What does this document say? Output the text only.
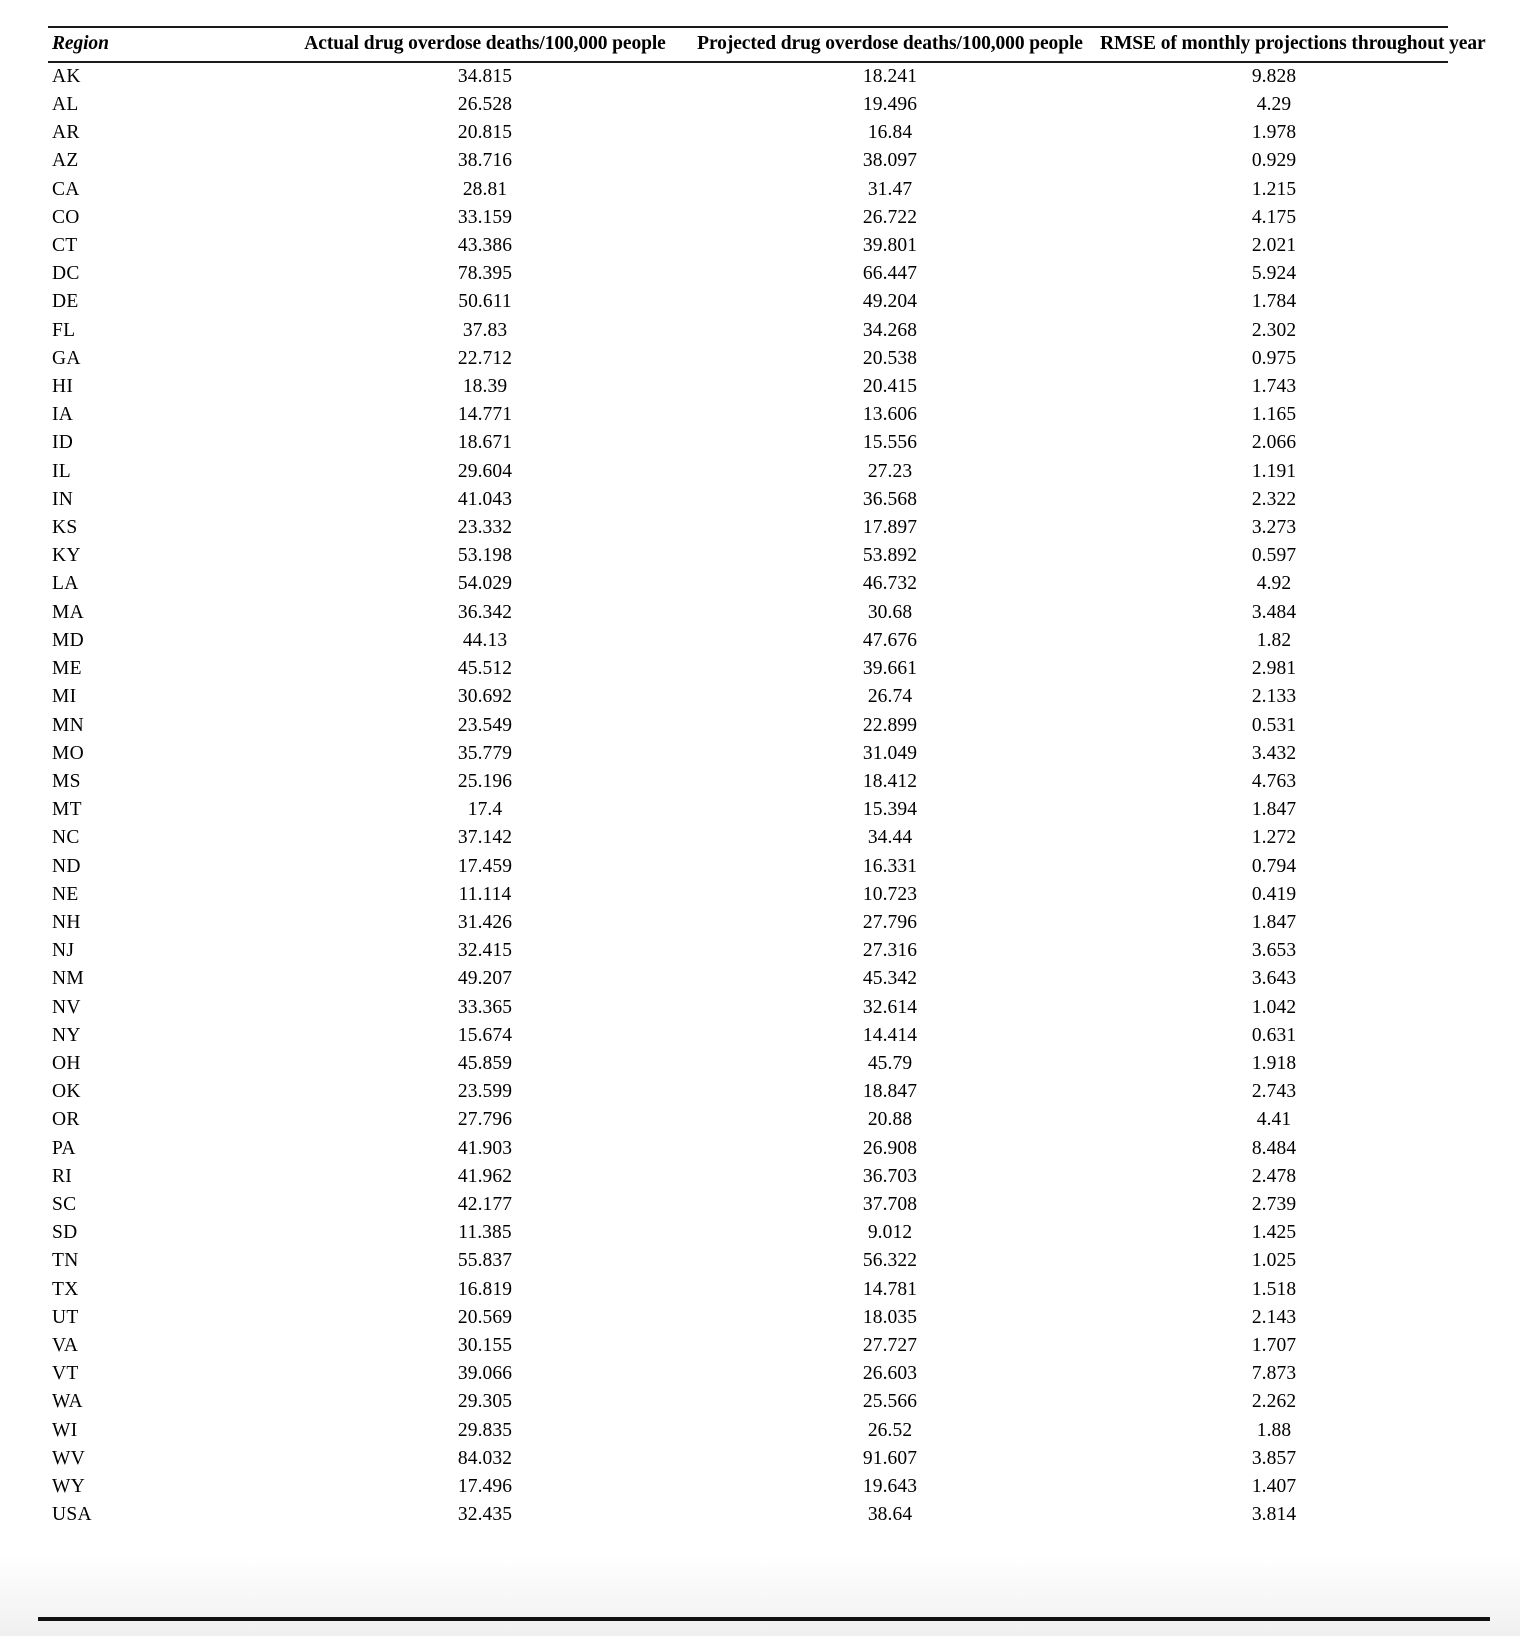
Region	Actual drug overdose deaths/100,000 people	Projected drug overdose deaths/100,000 people	RMSE of monthly projections throughout year
AK	34.815	18.241	9.828
AL	26.528	19.496	4.29
AR	20.815	16.84	1.978
AZ	38.716	38.097	0.929
CA	28.81	31.47	1.215
CO	33.159	26.722	4.175
CT	43.386	39.801	2.021
DC	78.395	66.447	5.924
DE	50.611	49.204	1.784
FL	37.83	34.268	2.302
GA	22.712	20.538	0.975
HI	18.39	20.415	1.743
IA	14.771	13.606	1.165
ID	18.671	15.556	2.066
IL	29.604	27.23	1.191
IN	41.043	36.568	2.322
KS	23.332	17.897	3.273
KY	53.198	53.892	0.597
LA	54.029	46.732	4.92
MA	36.342	30.68	3.484
MD	44.13	47.676	1.82
ME	45.512	39.661	2.981
MI	30.692	26.74	2.133
MN	23.549	22.899	0.531
MO	35.779	31.049	3.432
MS	25.196	18.412	4.763
MT	17.4	15.394	1.847
NC	37.142	34.44	1.272
ND	17.459	16.331	0.794
NE	11.114	10.723	0.419
NH	31.426	27.796	1.847
NJ	32.415	27.316	3.653
NM	49.207	45.342	3.643
NV	33.365	32.614	1.042
NY	15.674	14.414	0.631
OH	45.859	45.79	1.918
OK	23.599	18.847	2.743
OR	27.796	20.88	4.41
PA	41.903	26.908	8.484
RI	41.962	36.703	2.478
SC	42.177	37.708	2.739
SD	11.385	9.012	1.425
TN	55.837	56.322	1.025
TX	16.819	14.781	1.518
UT	20.569	18.035	2.143
VA	30.155	27.727	1.707
VT	39.066	26.603	7.873
WA	29.305	25.566	2.262
WI	29.835	26.52	1.88
WV	84.032	91.607	3.857
WY	17.496	19.643	1.407
USA	32.435	38.64	3.814
